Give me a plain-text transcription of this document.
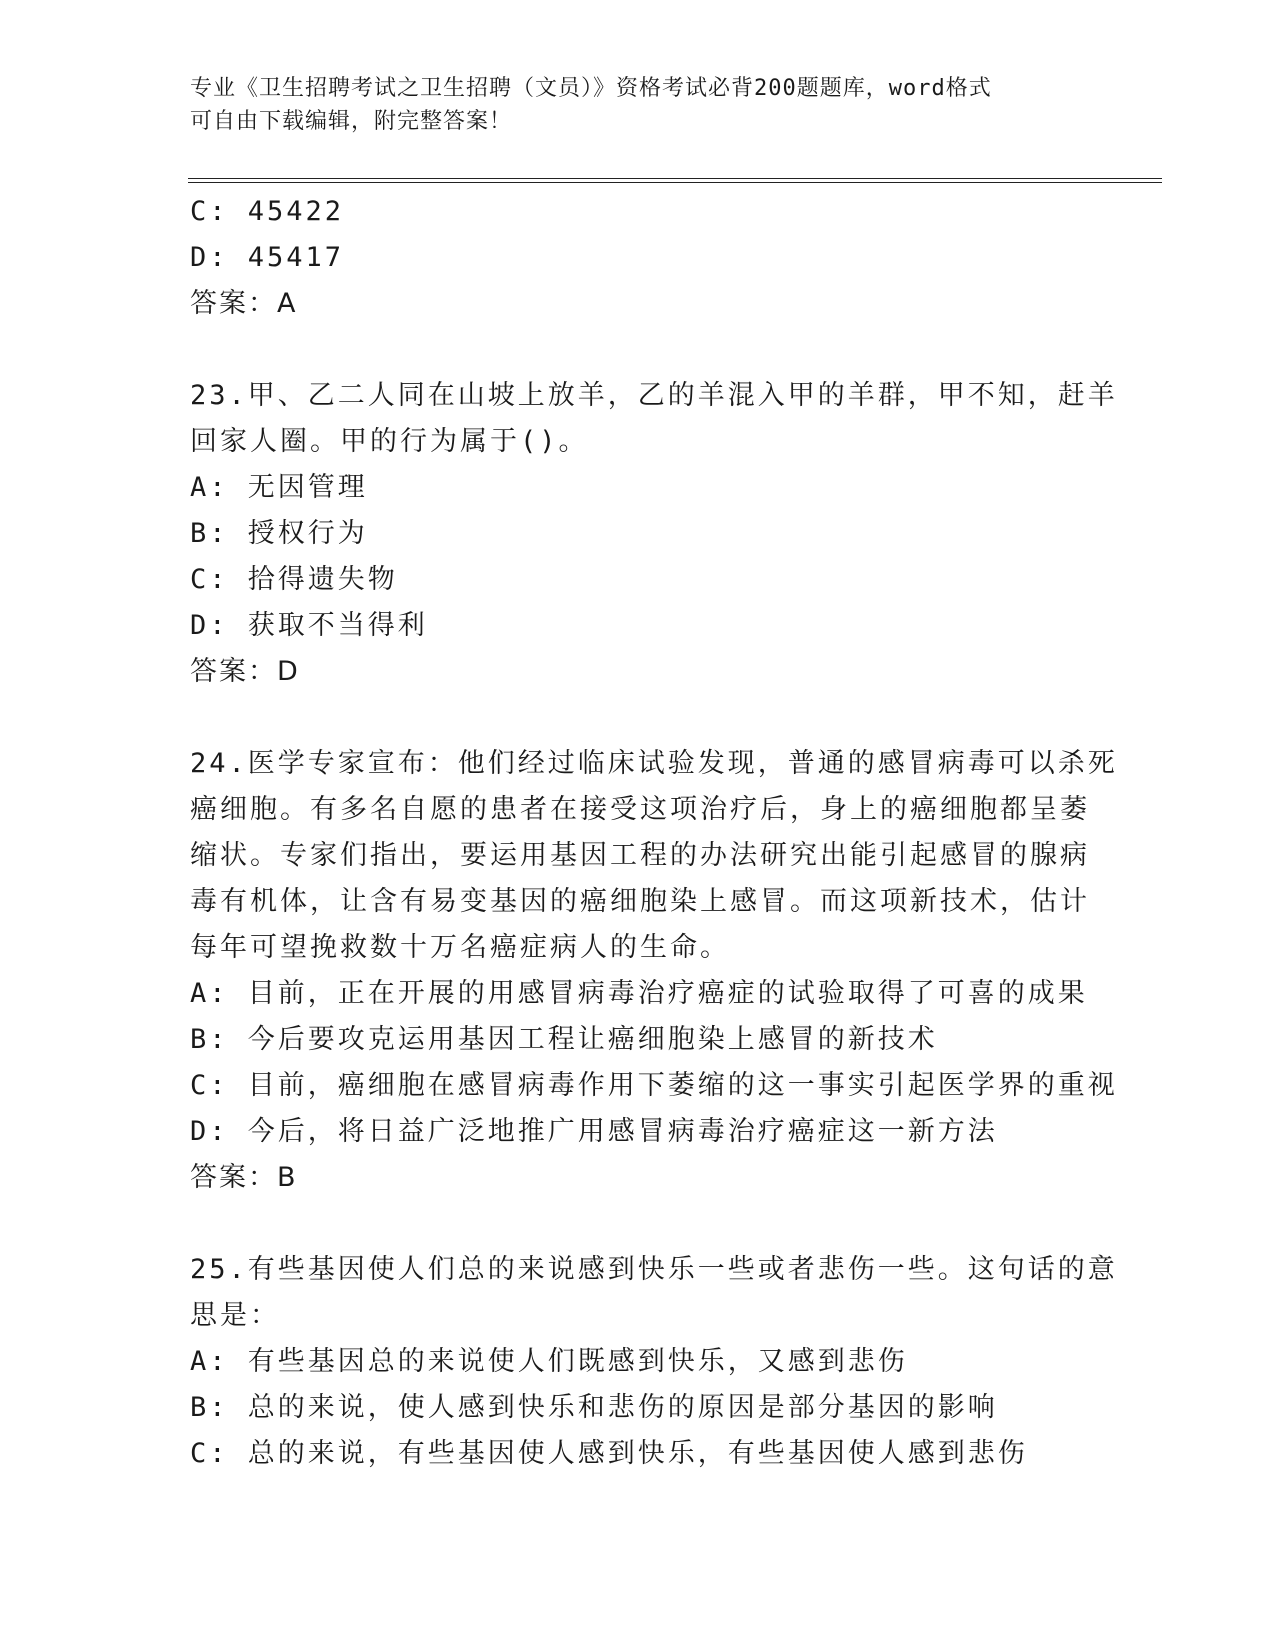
专业《卫生招聘考试之卫生招聘（文员）》资格考试必背200题题库，word格式
可自由下载编辑，附完整答案！
C: 45422
D: 45417
答案：A
23.甲、乙二人同在山坡上放羊，乙的羊混入甲的羊群，甲不知，赶羊
回家人圈。甲的行为属于()。
A: 无因管理
B: 授权行为
C: 拾得遗失物
D: 获取不当得利
答案：D
24.医学专家宣布：他们经过临床试验发现，普通的感冒病毒可以杀死
癌细胞。有多名自愿的患者在接受这项治疗后，身上的癌细胞都呈萎
缩状。专家们指出，要运用基因工程的办法研究出能引起感冒的腺病
毒有机体，让含有易变基因的癌细胞染上感冒。而这项新技术，估计
每年可望挽救数十万名癌症病人的生命。
A: 目前，正在开展的用感冒病毒治疗癌症的试验取得了可喜的成果
B: 今后要攻克运用基因工程让癌细胞染上感冒的新技术
C: 目前，癌细胞在感冒病毒作用下萎缩的这一事实引起医学界的重视
D: 今后，将日益广泛地推广用感冒病毒治疗癌症这一新方法
答案：B
25.有些基因使人们总的来说感到快乐一些或者悲伤一些。这句话的意
思是：
A: 有些基因总的来说使人们既感到快乐，又感到悲伤
B: 总的来说，使人感到快乐和悲伤的原因是部分基因的影响
C: 总的来说，有些基因使人感到快乐，有些基因使人感到悲伤
